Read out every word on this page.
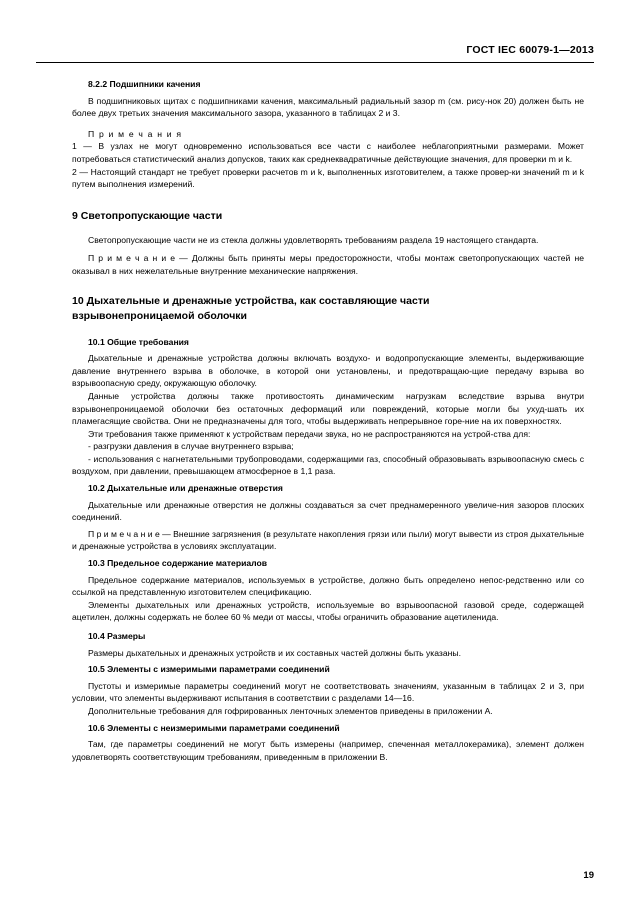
ГОСТ IEC 60079-1—2013
8.2.2 Подшипники качения

В подшипниковых щитах с подшипниками качения, максимальный радиальный зазор m (см. рису-нок 20) должен быть не более двух третьих значения максимального зазора, указанного в таблицах 2 и 3.

П р и м е ч а н и я

1 — В узлах не могут одновременно использоваться все части с наиболее неблагоприятными размерами. Может потребоваться статистический анализ допусков, таких как среднеквадратичные действующие значения, для проверки m и k.

2 — Настоящий стандарт не требует проверки расчетов m и k, выполненных изготовителем, а также провер-ки значений m и k путем выполнения измерений.

9 Светопропускающие части

Светопропускающие части не из стекла должны удовлетворять требованиям раздела 19 настоящего стандарта.

П р и м е ч а н и е — Должны быть приняты меры предосторожности, чтобы монтаж светопропускающих частей не оказывал в них нежелательные внутренние механические напряжения.

10 Дыхательные и дренажные устройства, как составляющие части
взрывонепроницаемой оболочки
10.1 Общие требования

Дыхательные и дренажные устройства должны включать воздухо- и водопропускающие элементы, выдерживающие давление внутреннего взрыва в оболочке, в которой они установлены, и предотвращаю-щие передачу взрыва во взрывоопасную среду, окружающую оболочку.

Данные устройства должны также противостоять динамическим нагрузкам вследствие взрыва внутри взрывонепроницаемой оболочки без остаточных деформаций или повреждений, которые могли бы ухуд-шать их пламегасящие свойства. Они не предназначены для того, чтобы выдерживать непрерывное горе-ние на их поверхностях.

Эти требования также применяют к устройствам передачи звука, но не распространяются на устрой-ства для:

- разгрузки давления в случае внутреннего взрыва;

- использования с нагнетательными трубопроводами, содержащими газ, способный образовывать взрывоопасную смесь с воздухом, при давлении, превышающем атмосферное в 1,1 раза.

10.2 Дыхательные или дренажные отверстия

Дыхательные или дренажные отверстия не должны создаваться за счет преднамеренного увеличе-ния зазоров плоских соединений.

П р и м е ч а н и е — Внешние загрязнения (в результате накопления грязи или пыли) могут вывести из строя дыхательные и дренажные устройства в условиях эксплуатации.

10.3 Предельное содержание материалов

Предельное содержание материалов, используемых в устройстве, должно быть определено непос-редственно или со ссылкой на представленную изготовителем спецификацию.

Элементы дыхательных или дренажных устройств, используемые во взрывоопасной газовой среде, содержащей ацетилен, должны содержать не более 60 % меди от массы, чтобы ограничить образование ацетиленида.

10.4 Размеры

Размеры дыхательных и дренажных устройств и их составных частей должны быть указаны.

10.5 Элементы с измеримыми параметрами соединений

Пустоты и измеримые параметры соединений могут не соответствовать значениям, указанным в таблицах 2 и 3, при условии, что элементы выдерживают испытания в соответствии с разделами 14—16.

Дополнительные требования для гофрированных ленточных элементов приведены в приложении А.

10.6 Элементы с неизмеримыми параметрами соединений

Там, где параметры соединений не могут быть измерены (например, спеченная металлокерамика), элемент должен удовлетворять соответствующим требованиям, приведенным в приложении В.

19
